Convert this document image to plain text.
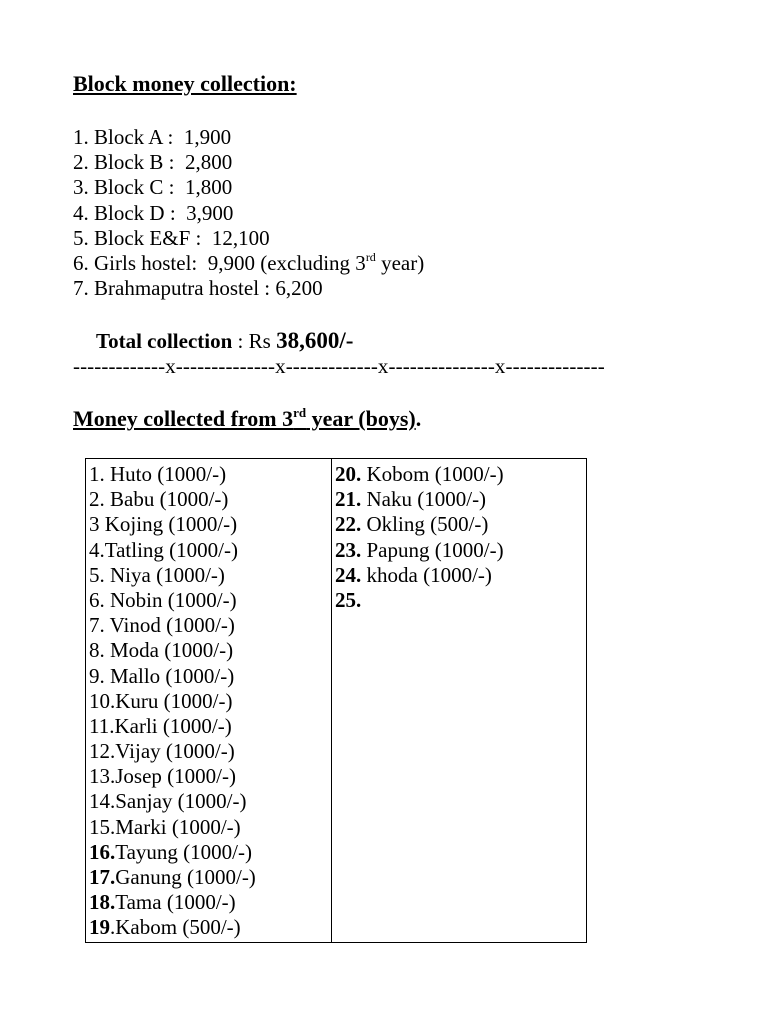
Block money collection:
1. Block A :  1,900
2. Block B :  2,800
3. Block C :  1,800
4. Block D :  3,900
5. Block E&F :  12,100
6. Girls hostel:  9,900 (excluding 3rd year)
7. Brahmaputra hostel : 6,200
Total collection : Rs 38,600/-
-------------x--------------x-------------x---------------x--------------
Money collected from 3rd year (boys).
1. Huto (1000/-)
2. Babu (1000/-)
3 Kojing (1000/-)
4.Tatling (1000/-)
5. Niya (1000/-)
6. Nobin (1000/-)
7. Vinod (1000/-)
8. Moda (1000/-)
9. Mallo (1000/-)
10.Kuru (1000/-)
11.Karli (1000/-)
12.Vijay (1000/-)
13.Josep (1000/-)
14.Sanjay (1000/-)
15.Marki (1000/-)
16.Tayung (1000/-)
17.Ganung (1000/-)
18.Tama (1000/-)
19.Kabom (500/-)

20. Kobom (1000/-)
21. Naku (1000/-)
22. Okling (500/-)
23. Papung (1000/-)
24. khoda (1000/-)
25.
